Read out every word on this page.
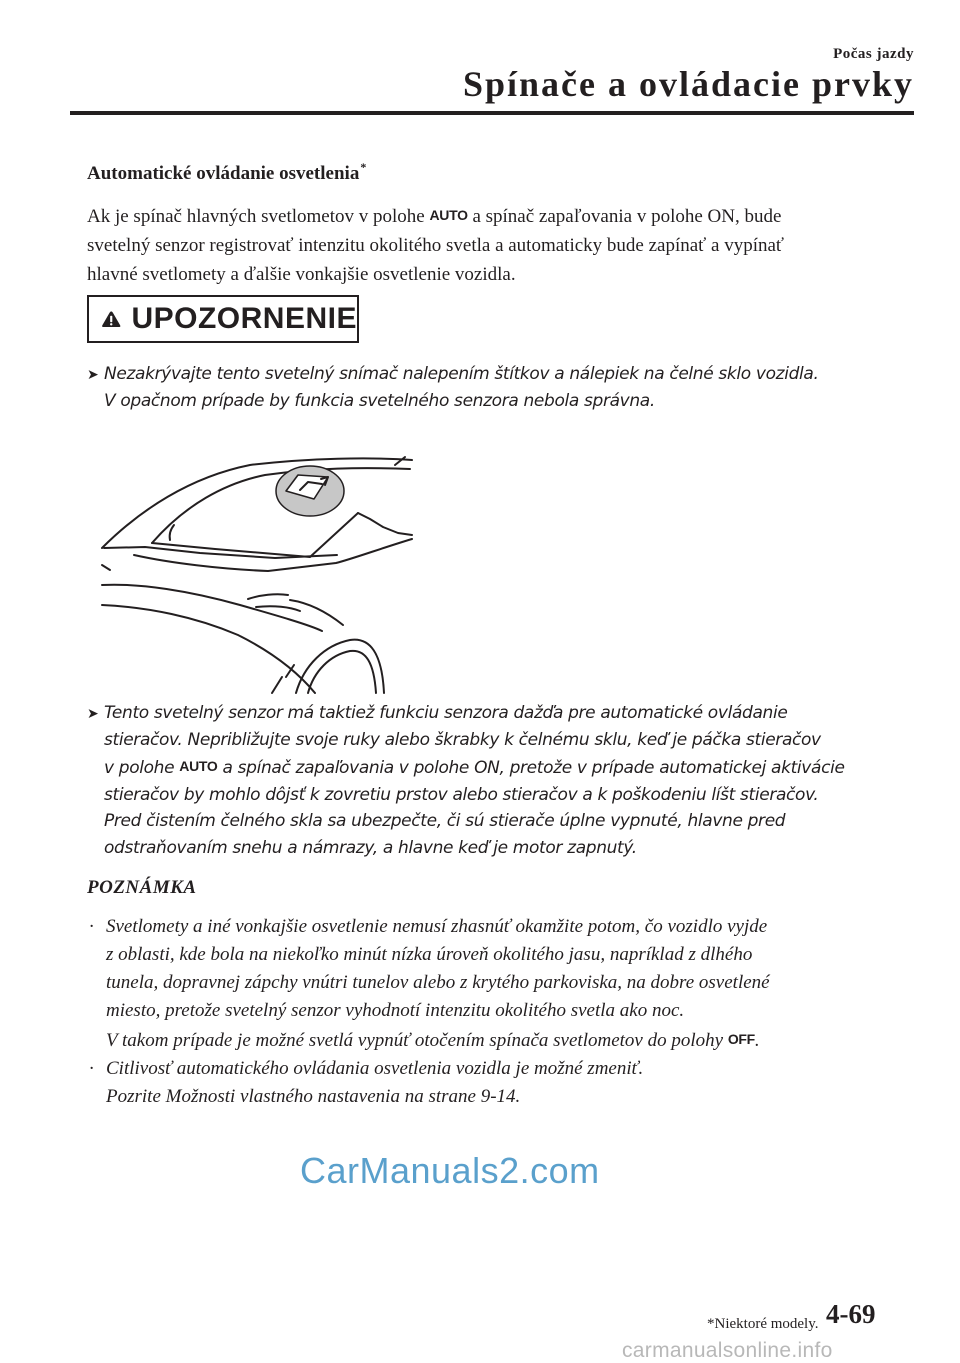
Počas jazdy
Spínače a ovládacie prvky
Automatické ovládanie osvetlenia*
Ak je spínač hlavných svetlometov v polohe AUTO a spínač zapaľovania v polohe ON, bude
svetelný senzor registrovať intenzitu okolitého svetla a automaticky bude zapínať a vypínať
hlavné svetlomety a ďalšie vonkajšie osvetlenie vozidla.
UPOZORNENIE
➤ Nezakrývajte tento svetelný snímač nalepením štítkov a nálepiek na čelné sklo vozidla.
V opačnom prípade by funkcia svetelného senzora nebola správna.
➤ Tento svetelný senzor má taktiež funkciu senzora dažďa pre automatické ovládanie
stieračov. Nepribližujte svoje ruky alebo škrabky k čelnému sklu, keď je páčka stieračov
v polohe AUTO a spínač zapaľovania v polohe ON, pretože v prípade automatickej aktivácie
stieračov by mohlo dôjsť k zovretiu prstov alebo stieračov a k poškodeniu líšt stieračov.
Pred čistením čelného skla sa ubezpečte, či sú stierače úplne vypnuté, hlavne pred
odstraňovaním snehu a námrazy, a hlavne keď je motor zapnutý.
POZNÁMKA
· Svetlomety a iné vonkajšie osvetlenie nemusí zhasnúť okamžite potom, čo vozidlo vyjde
z oblasti, kde bola na niekoľko minút nízka úroveň okolitého jasu, napríklad z dlhého
tunela, dopravnej zápchy vnútri tunelov alebo z krytého parkoviska, na dobre osvetlené
miesto, pretože svetelný senzor vyhodnotí intenzitu okolitého svetla ako noc.
V takom prípade je možné svetlá vypnúť otočením spínača svetlometov do polohy OFF.
· Citlivosť automatického ovládania osvetlenia vozidla je možné zmeniť.
Pozrite Možnosti vlastného nastavenia na strane 9-14.
CarManuals2.com
*Niektoré modely. 4-69
carmanualsonline.info
